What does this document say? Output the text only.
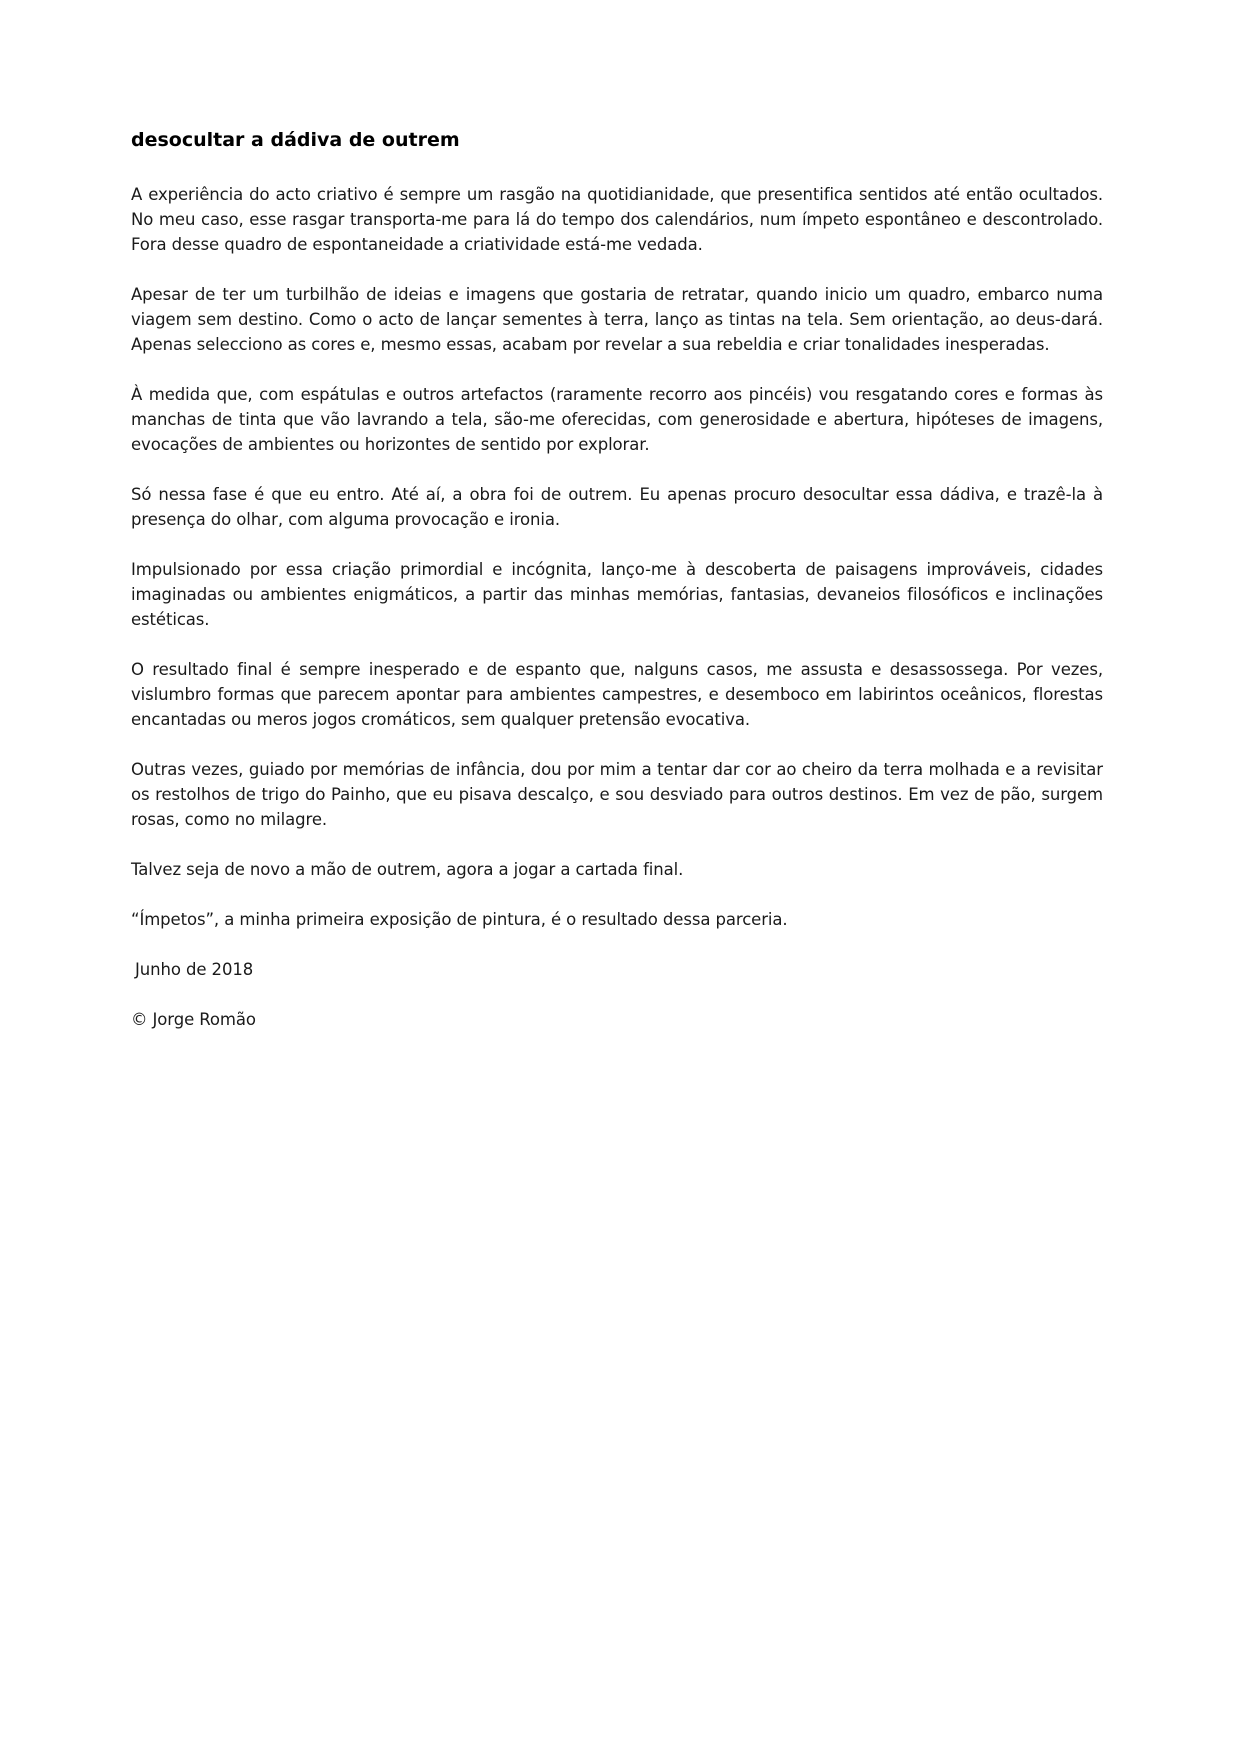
desocultar a dádiva de outrem

A experiência do acto criativo é sempre um rasgão na quotidianidade, que presentifica sentidos até então ocultados. No meu caso, esse rasgar transporta-me para lá do tempo dos calendários, num ímpeto espontâneo e descontrolado. Fora desse quadro de espontaneidade a criatividade está-me vedada.

Apesar de ter um turbilhão de ideias e imagens que gostaria de retratar, quando inicio um quadro, embarco numa viagem sem destino. Como o acto de lançar sementes à terra, lanço as tintas na tela. Sem orientação, ao deus-dará. Apenas selecciono as cores e, mesmo essas, acabam por revelar a sua rebeldia e criar tonalidades inesperadas.

À medida que, com espátulas e outros artefactos (raramente recorro aos pincéis) vou resgatando cores e formas às manchas de tinta que vão lavrando a tela, são-me oferecidas, com generosidade e abertura, hipóteses de imagens, evocações de ambientes ou horizontes de sentido por explorar.

Só nessa fase é que eu entro. Até aí, a obra foi de outrem. Eu apenas procuro desocultar essa dádiva, e trazê-la à presença do olhar, com alguma provocação e ironia.

Impulsionado por essa criação primordial e incógnita, lanço-me à descoberta de paisagens improváveis, cidades imaginadas ou ambientes enigmáticos, a partir das minhas memórias, fantasias, devaneios filosóficos e inclinações estéticas.

O resultado final é sempre inesperado e de espanto que, nalguns casos, me assusta e desassossega. Por vezes, vislumbro formas que parecem apontar para ambientes campestres, e desemboco em labirintos oceânicos, florestas encantadas ou meros jogos cromáticos, sem qualquer pretensão evocativa.

Outras vezes, guiado por memórias de infância, dou por mim a tentar dar cor ao cheiro da terra molhada e a revisitar os restolhos de trigo do Painho, que eu pisava descalço, e sou desviado para outros destinos. Em vez de pão, surgem rosas, como no milagre.

Talvez seja de novo a mão de outrem, agora a jogar a cartada final.

“Ímpetos”, a minha primeira exposição de pintura, é o resultado dessa parceria.

Junho de 2018

© Jorge Romão
